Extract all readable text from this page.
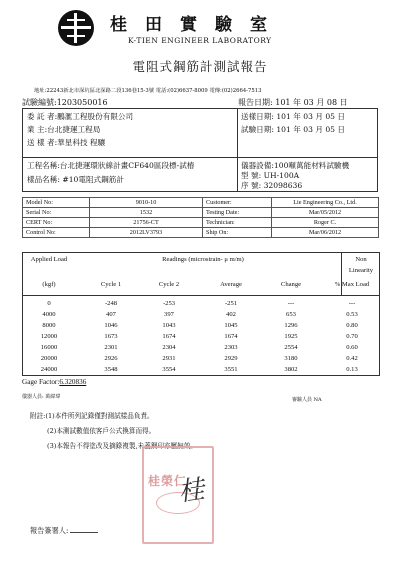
桂田實驗室
K-TIEN ENGINEER LABORATORY
電阻式鋼筋計測試報告
地址:22243新北市深坑區北深路二段136巷15-3號 電話:(02)6637-8009 電傳:(02)2664-7513
試驗編號:1203050016	報告日期: 101 年 03 月 08 日
委 託 者:鵬滙工程股份有限公司
業 主:台北捷運工程局
送 樣 者:華星科技 程驤
工程名稱:台北捷運環狀線計畫CF640區段標-試樁
樣品名稱: #10電阻式鋼筋計
送樣日期: 101 年 03 月 05 日
試驗日期: 101 年 03 月 05 日
儀器設備:100噸萬能材料試驗機
型 號: UH-100A
序 號: 32098636
Model No:	9010-10	Customer:	Lie Engineering Co., Ltd.
Serial No:	1532	Testing Date:	Mar/05/2012
CERT No:	21756-CT	Technician:	Roger C.
Control No:	2012LV3793	Ship On:	Mar/06/2012
Applied Load
(kgf)
Readings (microstrain- μ m/m)	Non
Linearity
Cycle 1	Cycle 2	Average	Change	% Max Load
0	-248	-253	-251	---	---
4000	407	397	402	653	0.53
8000	1046	1043	1045	1296	0.80
12000	1673	1674	1674	1925	0.70
16000	2301	2304	2303	2554	0.60
20000	2926	2931	2929	3180	0.42
24000	3548	3554	3551	3802	0.13
Gage Factor:6.320836
儀器人員: 萬緯瑋	審驗人員 NA
附註:(1)本件所列記錄僅對測試樣品負責。
(2)本測試數值依客戶公式換算而得。
(3)本報告不得塗改及摘錄複製,未蓋鋼印亦屬無效。
桂榮仁
桂
報告簽署人:
